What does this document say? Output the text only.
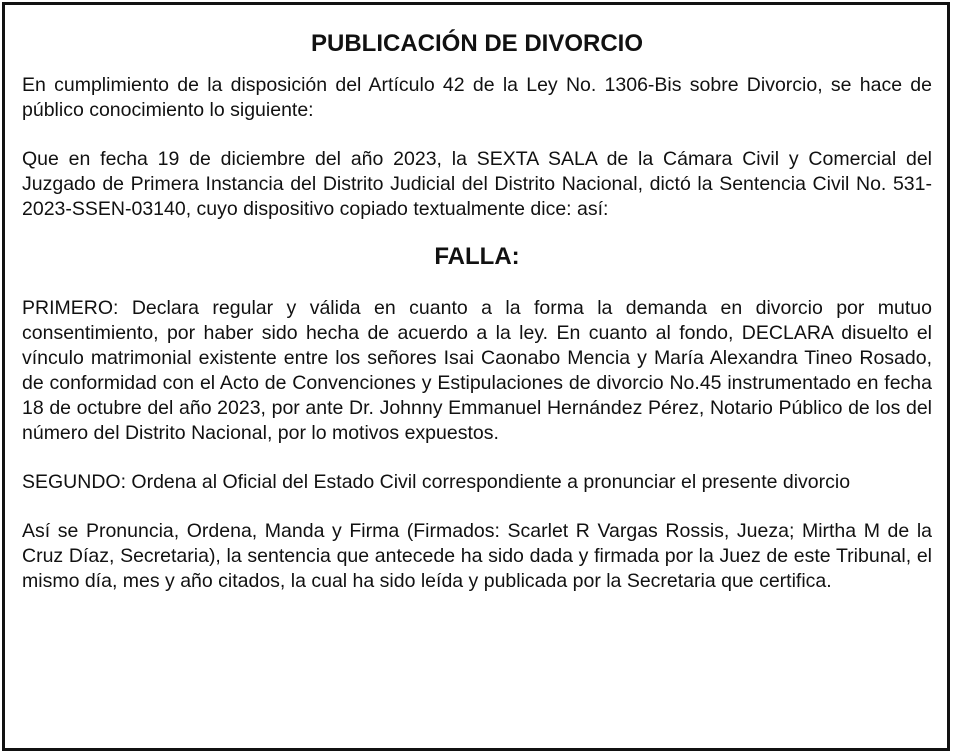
PUBLICACIÓN DE DIVORCIO

En cumplimiento de la disposición del Artículo 42 de la Ley No. 1306-Bis sobre Divorcio, se hace de público conocimiento lo siguiente:

Que en fecha 19 de diciembre del año 2023, la SEXTA SALA de la Cámara Civil y Comercial del Juzgado de Primera Instancia del Distrito Judicial del Distrito Nacional, dictó la Sentencia Civil No. 531-2023-SSEN-03140, cuyo dispositivo copiado textualmente dice: así:

FALLA:

PRIMERO: Declara regular y válida en cuanto a la forma la demanda en divorcio por mutuo consentimiento, por haber sido hecha de acuerdo a la ley. En cuanto al fondo, DECLARA disuelto el vínculo matrimonial existente entre los señores Isai Caonabo Mencia y María Alexandra Tineo Rosado, de conformidad con el Acto de Convenciones y Estipulaciones de divorcio No.45 instrumentado en fecha 18 de octubre del año 2023, por ante Dr. Johnny Emmanuel Hernández Pérez, Notario Público de los del número del Distrito Nacional, por lo motivos expuestos.

SEGUNDO: Ordena al Oficial del Estado Civil correspondiente a pronunciar el presente divorcio

Así se Pronuncia, Ordena, Manda y Firma (Firmados: Scarlet R Vargas Rossis, Jueza; Mirtha M de la Cruz Díaz, Secretaria), la sentencia que antecede ha sido dada y firmada por la Juez de este Tribunal, el mismo día, mes y año citados, la cual ha sido leída y publicada por la Secretaria que certifica.
